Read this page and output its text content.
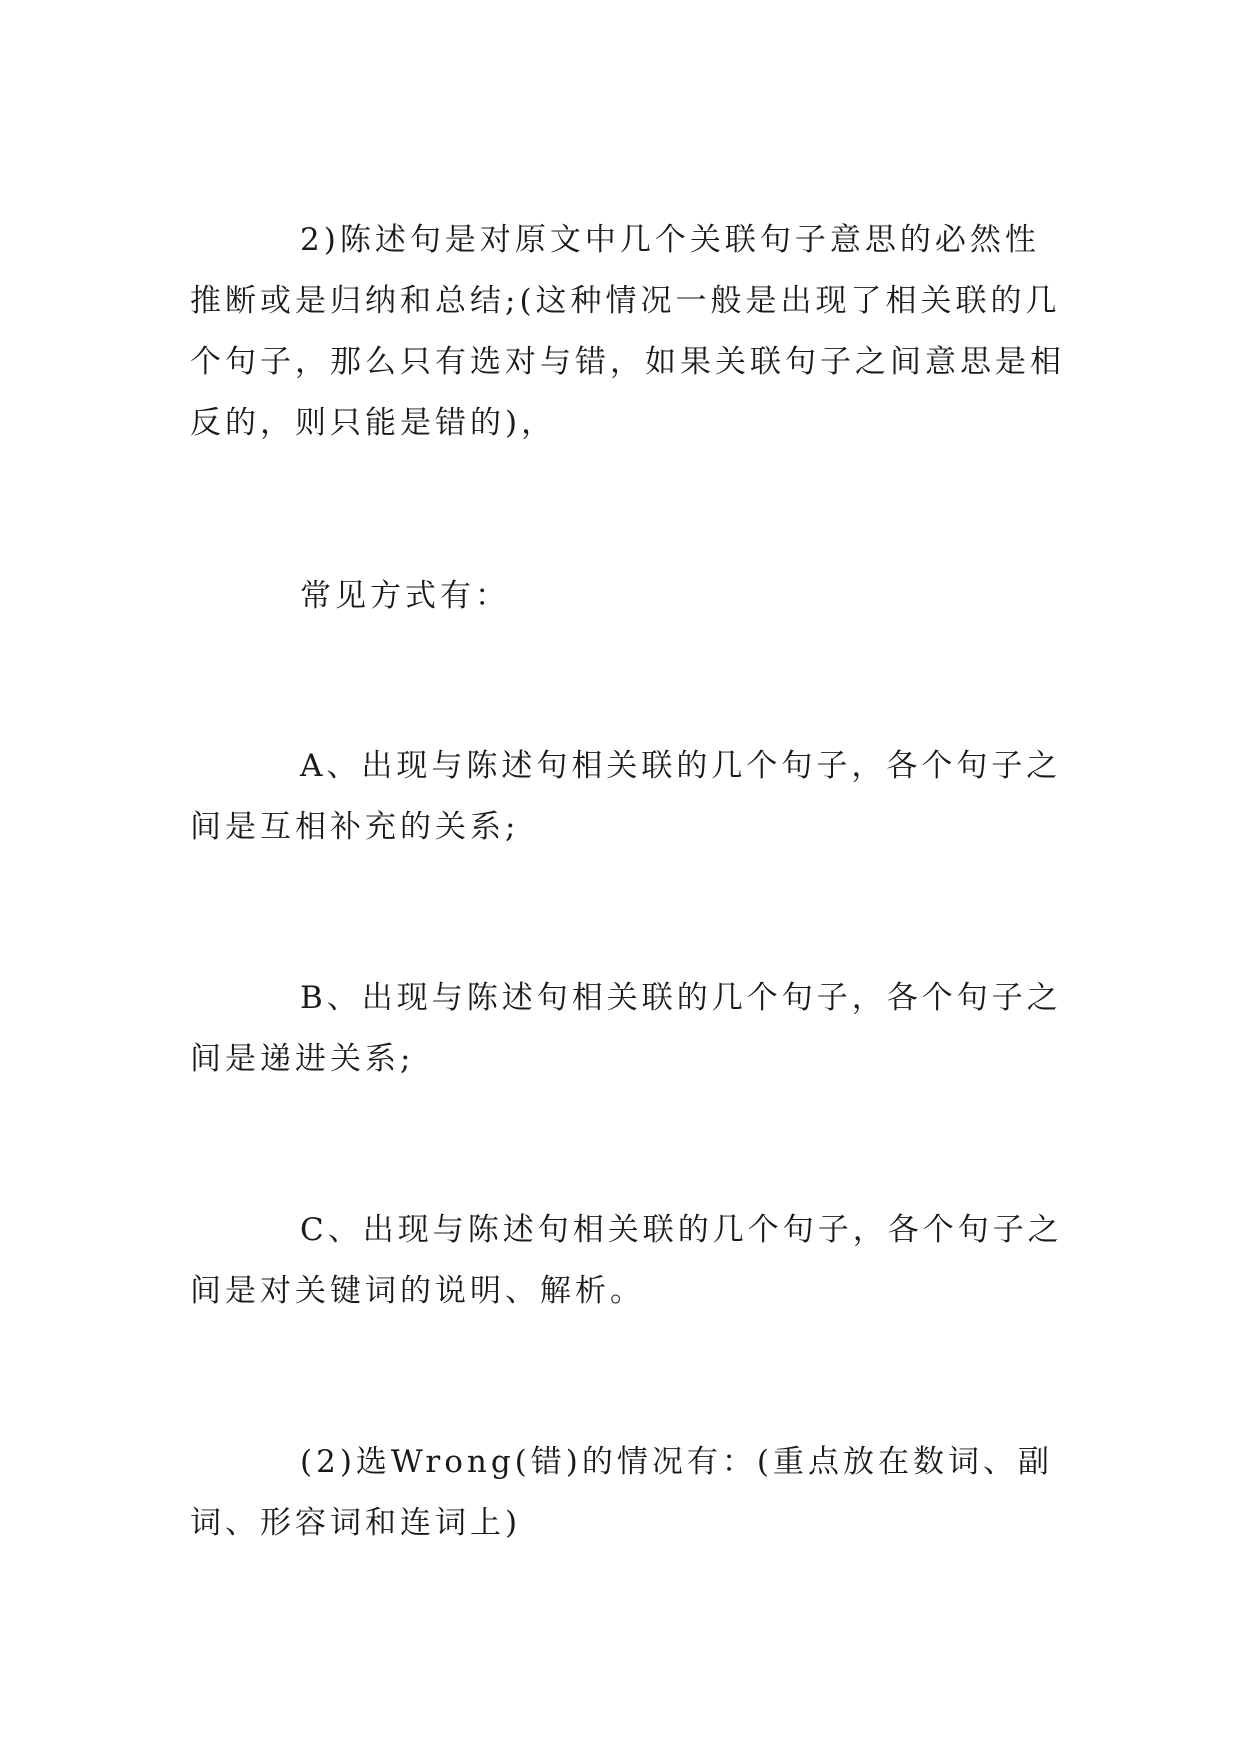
2)陈述句是对原文中几个关联句子意思的必然性推断或是归纳和总结;(这种情况一般是出现了相关联的几个句子，那么只有选对与错，如果关联句子之间意思是相反的，则只能是错的)，

常见方式有：

A、出现与陈述句相关联的几个句子，各个句子之间是互相补充的关系;

B、出现与陈述句相关联的几个句子，各个句子之间是递进关系;

C、出现与陈述句相关联的几个句子，各个句子之间是对关键词的说明、解析。

(2)选Wrong(错)的情况有：(重点放在数词、副词、形容词和连词上)
